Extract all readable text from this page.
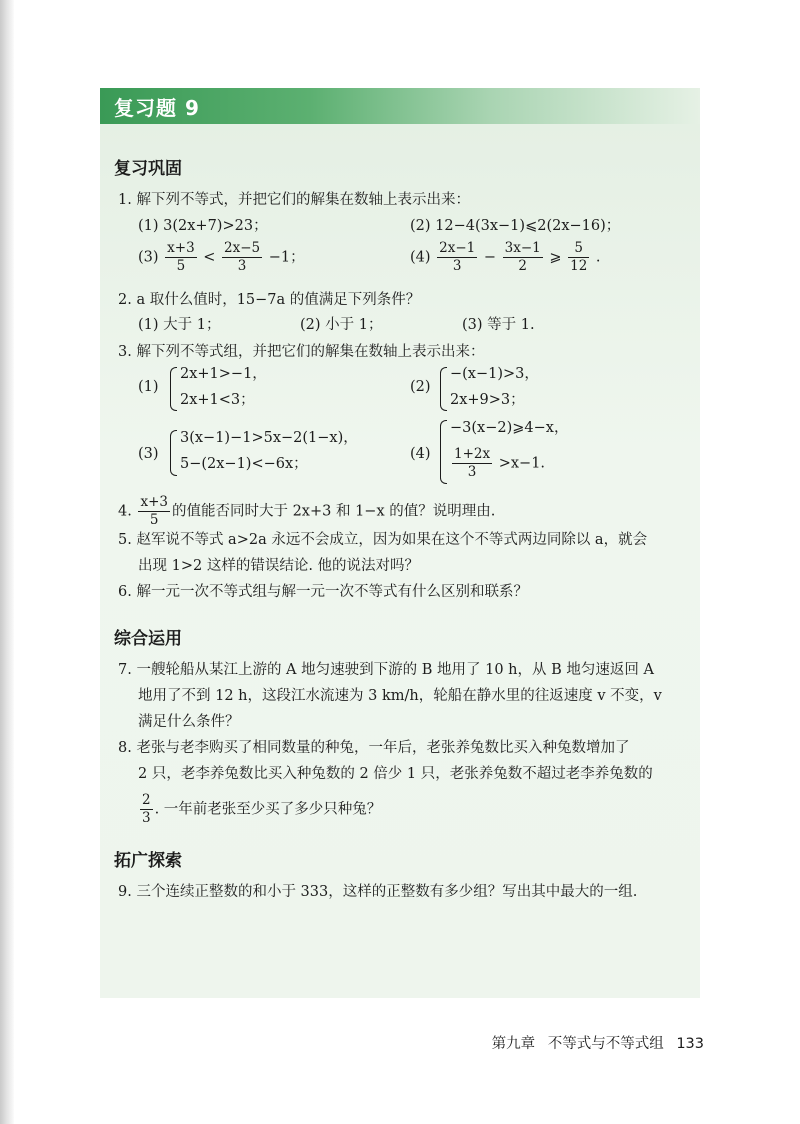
复习题 9
复习巩固
1. 解下列不等式，并把它们的解集在数轴上表示出来：
(1) 3(2x+7)>23；	(2) 12−4(3x−1)⩽2(2x−16)；
$(3) \frac{x+3}{5} < \frac{2x-5}{3} -1$；	$(4) \frac{2x-1}{3} - \frac{3x-1}{2}$ ⩾ $\frac{5}{12}$ .
2. a 取什么值时，15−7a 的值满足下列条件？
(1) 大于 1；	(2) 小于 1；	(3) 等于 1.
3. 解下列不等式组，并把它们的解集在数轴上表示出来：
(1)
2x+1>−1，
2x+1<3；
(2)
−(x−1)>3，
2x+9>3；
(3)
3(x−1)−1>5x−2(1−x)，
5−(2x−1)<−6x；
(4)
−3(x−2)⩾4−x，
$\frac{1+2x}{3} >x-1$.
4. $\frac{x+3}{5}$ 的值能否同时大于 2x+3 和 1−x 的值？说明理由.
5. 赵军说不等式 a>2a 永远不会成立，因为如果在这个不等式两边同除以 a，就会
出现 1>2 这样的错误结论. 他的说法对吗？
6. 解一元一次不等式组与解一元一次不等式有什么区别和联系？
综合运用
7. 一艘轮船从某江上游的 A 地匀速驶到下游的 B 地用了 10 h，从 B 地匀速返回 A
地用了不到 12 h，这段江水流速为 3 km/h，轮船在静水里的往返速度 v 不变，v
满足什么条件？
8. 老张与老李购买了相同数量的种兔，一年后，老张养兔数比买入种兔数增加了
2 只，老李养兔数比买入种兔数的 2 倍少 1 只，老张养兔数不超过老李养兔数的
$\frac{2}{3}$ . 一年前老张至少买了多少只种兔？
拓广探索
9. 三个连续正整数的和小于 333，这样的正整数有多少组？写出其中最大的一组.
第九章 不等式与不等式组 133
